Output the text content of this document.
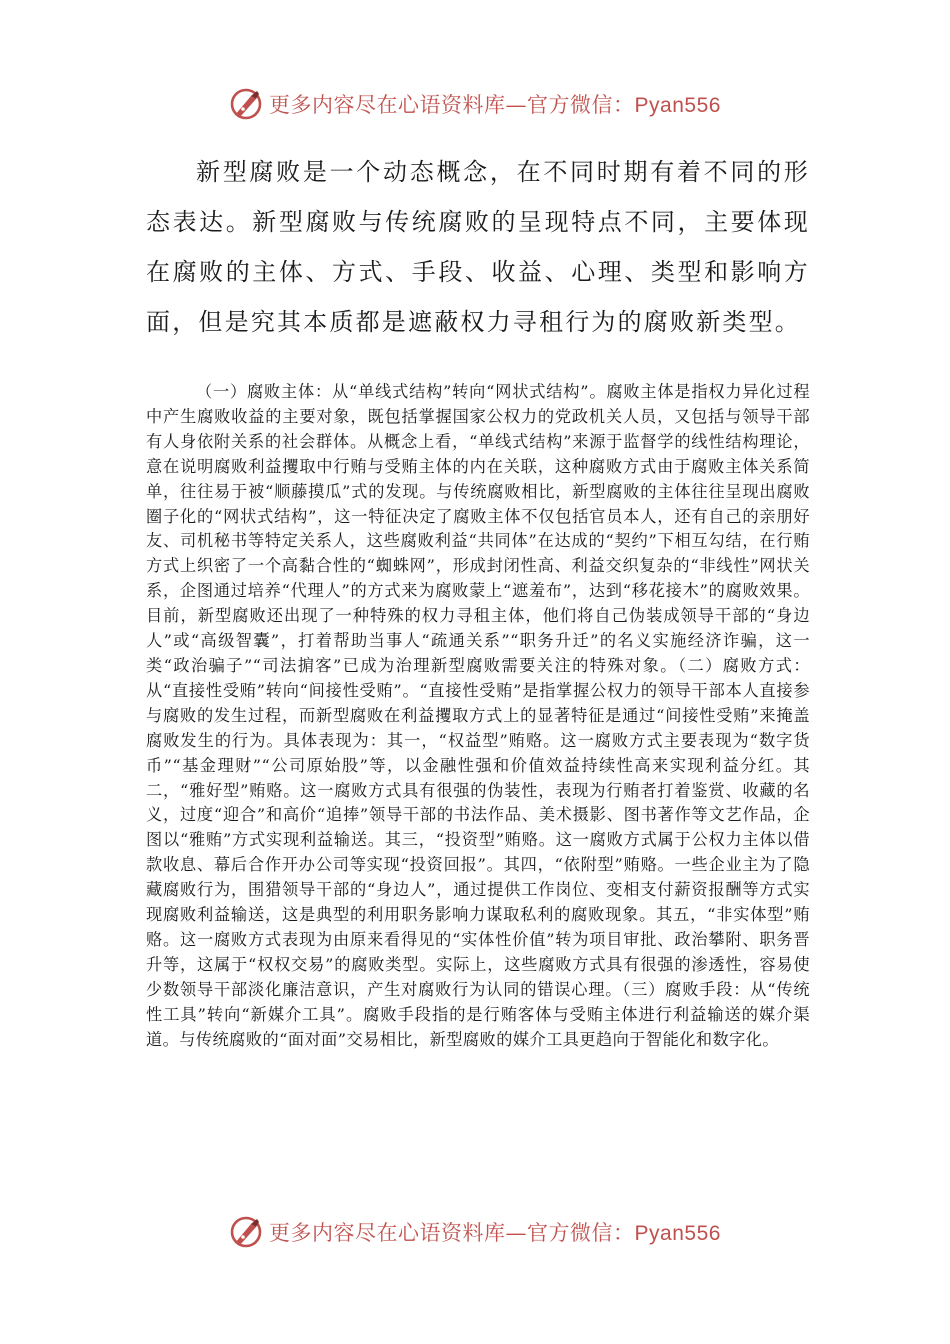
更多内容尽在心语资料库—官方微信：Pyan556

新型腐败是一个动态概念，在不同时期有着不同的形态表达。新型腐败与传统腐败的呈现特点不同，主要体现在腐败的主体、方式、手段、收益、心理、类型和影响方面，但是究其本质都是遮蔽权力寻租行为的腐败新类型。

（一）腐败主体：从“单线式结构”转向“网状式结构”。腐败主体是指权力异化过程中产生腐败收益的主要对象，既包括掌握国家公权力的党政机关人员，又包括与领导干部有人身依附关系的社会群体。从概念上看，“单线式结构”来源于监督学的线性结构理论，意在说明腐败利益攫取中行贿与受贿主体的内在关联，这种腐败方式由于腐败主体关系简单，往往易于被“顺藤摸瓜”式的发现。与传统腐败相比，新型腐败的主体往往呈现出腐败圈子化的“网状式结构”，这一特征决定了腐败主体不仅包括官员本人，还有自己的亲朋好友、司机秘书等特定关系人，这些腐败利益“共同体”在达成的“契约”下相互勾结，在行贿方式上织密了一个高黏合性的“蜘蛛网”，形成封闭性高、利益交织复杂的“非线性”网状关系，企图通过培养“代理人”的方式来为腐败蒙上“遮羞布”，达到“移花接木”的腐败效果。目前，新型腐败还出现了一种特殊的权力寻租主体，他们将自己伪装成领导干部的“身边人”或“高级智囊”，打着帮助当事人“疏通关系”“职务升迁”的名义实施经济诈骗，这一类“政治骗子”“司法掮客”已成为治理新型腐败需要关注的特殊对象。（二）腐败方式：从“直接性受贿”转向“间接性受贿”。“直接性受贿”是指掌握公权力的领导干部本人直接参与腐败的发生过程，而新型腐败在利益攫取方式上的显著特征是通过“间接性受贿”来掩盖腐败发生的行为。具体表现为：其一，“权益型”贿赂。这一腐败方式主要表现为“数字货币”“基金理财”“公司原始股”等，以金融性强和价值效益持续性高来实现利益分红。其二，“雅好型”贿赂。这一腐败方式具有很强的伪装性，表现为行贿者打着鉴赏、收藏的名义，过度“迎合”和高价“追捧”领导干部的书法作品、美术摄影、图书著作等文艺作品，企图以“雅贿”方式实现利益输送。其三，“投资型”贿赂。这一腐败方式属于公权力主体以借款收息、幕后合作开办公司等实现“投资回报”。其四，“依附型”贿赂。一些企业主为了隐藏腐败行为，围猎领导干部的“身边人”，通过提供工作岗位、变相支付薪资报酬等方式实现腐败利益输送，这是典型的利用职务影响力谋取私利的腐败现象。其五，“非实体型”贿赂。这一腐败方式表现为由原来看得见的“实体性价值”转为项目审批、政治攀附、职务晋升等，这属于“权权交易”的腐败类型。实际上，这些腐败方式具有很强的渗透性，容易使少数领导干部淡化廉洁意识，产生对腐败行为认同的错误心理。（三）腐败手段：从“传统性工具”转向“新媒介工具”。腐败手段指的是行贿客体与受贿主体进行利益输送的媒介渠道。与传统腐败的“面对面”交易相比，新型腐败的媒介工具更趋向于智能化和数字化。

更多内容尽在心语资料库—官方微信：Pyan556
